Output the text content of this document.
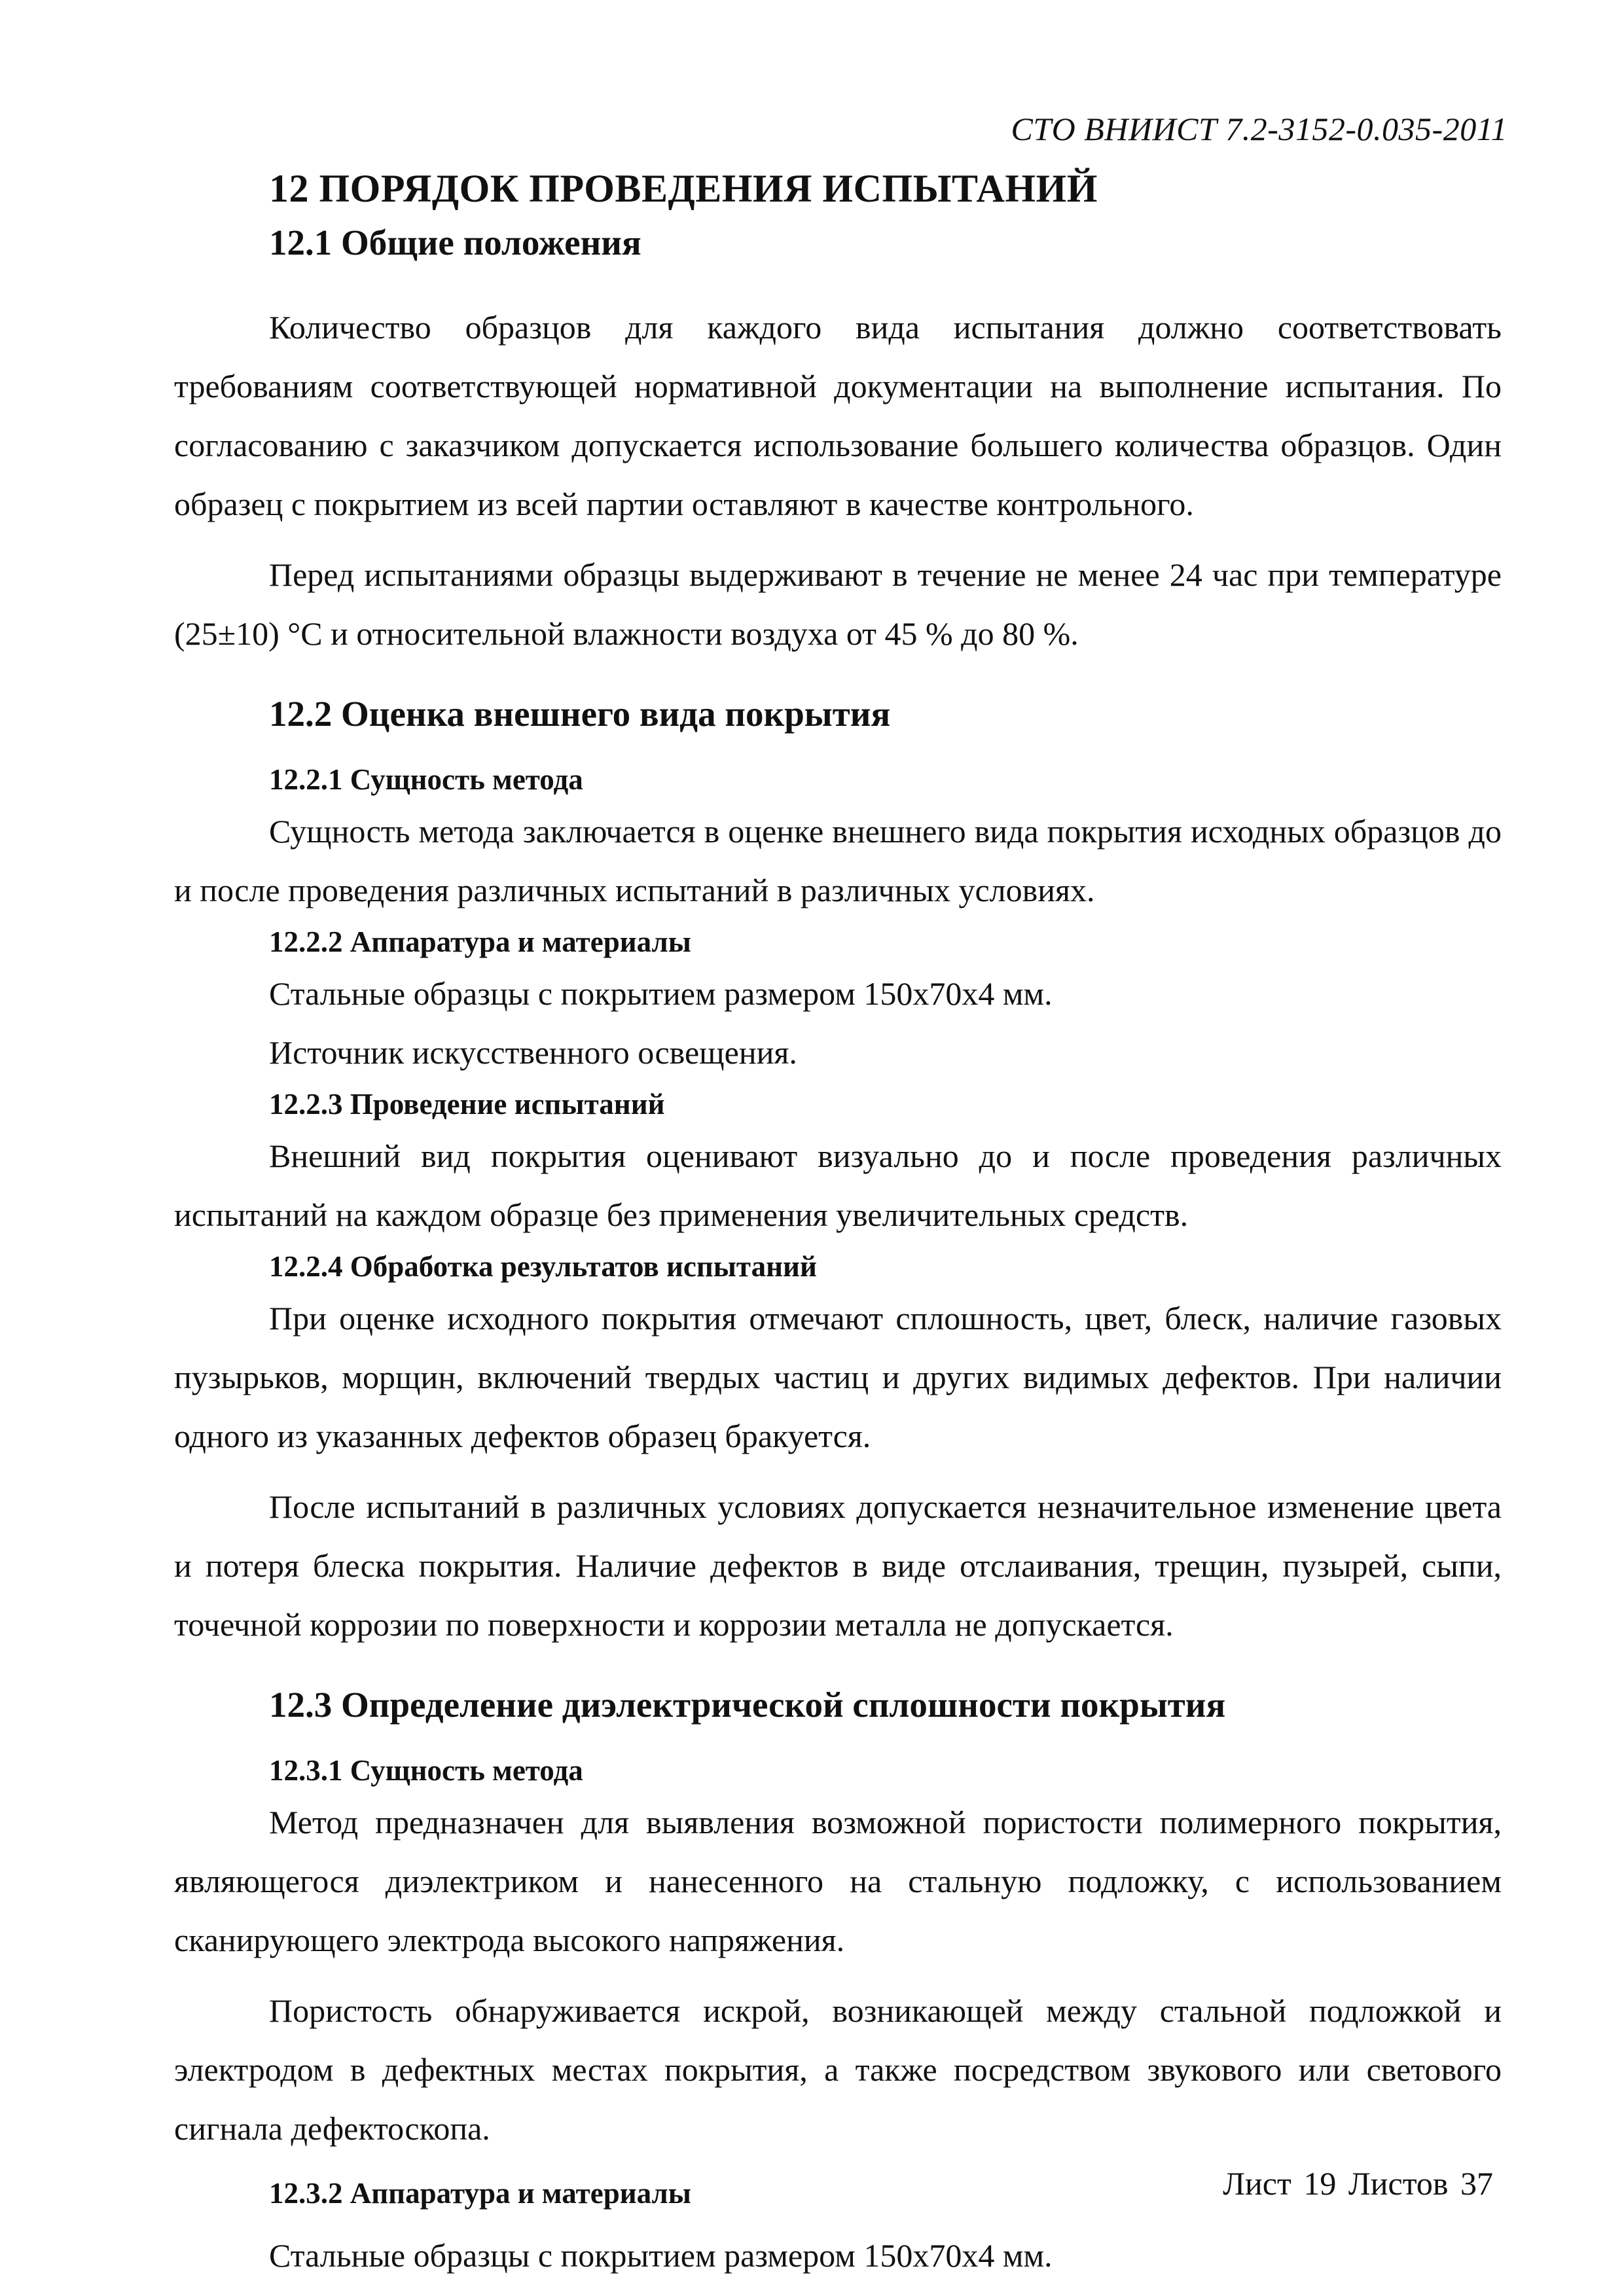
СТО ВНИИСТ 7.2-3152-0.035-2011
12 ПОРЯДОК ПРОВЕДЕНИЯ ИСПЫТАНИЙ
12.1 Общие положения

Количество образцов для каждого вида испытания должно соответствовать требованиям соответствующей нормативной документации на выполнение испытания. По согласованию с заказчиком допускается использование большего количества образцов. Один образец с покрытием из всей партии оставляют в качестве контрольного.

Перед испытаниями образцы выдерживают в течение не менее 24 час при температуре (25±10) °С и относительной влажности воздуха от 45 % до 80 %.

12.2 Оценка внешнего вида покрытия
12.2.1 Сущность метода

Сущность метода заключается в оценке внешнего вида покрытия исходных образцов до и после проведения различных испытаний в различных условиях.

12.2.2 Аппаратура и материалы

Стальные образцы с покрытием размером 150х70х4 мм.

Источник искусственного освещения.

12.2.3 Проведение испытаний

Внешний вид покрытия оценивают визуально до и после проведения различных испытаний на каждом образце без применения увеличительных средств.

12.2.4 Обработка результатов испытаний

При оценке исходного покрытия отмечают сплошность, цвет, блеск, наличие газовых пузырьков, морщин, включений твердых частиц и других видимых дефектов. При наличии одного из указанных дефектов образец бракуется.

После испытаний в различных условиях допускается незначительное изменение цвета и потеря блеска покрытия. Наличие дефектов в виде отслаивания, трещин, пузырей, сыпи, точечной коррозии по поверхности и коррозии металла не допускается.

12.3 Определение диэлектрической сплошности покрытия
12.3.1 Сущность метода

Метод предназначен для выявления возможной пористости полимерного покрытия, являющегося диэлектриком и нанесенного на стальную подложку, с использованием сканирующего электрода высокого напряжения.

Пористость обнаруживается искрой, возникающей между стальной подложкой и электродом в дефектных местах покрытия, а также посредством звукового или светового сигнала дефектоскопа.

12.3.2 Аппаратура и материалы

Стальные образцы с покрытием размером 150х70х4 мм.

Лист 19 Листов 37
